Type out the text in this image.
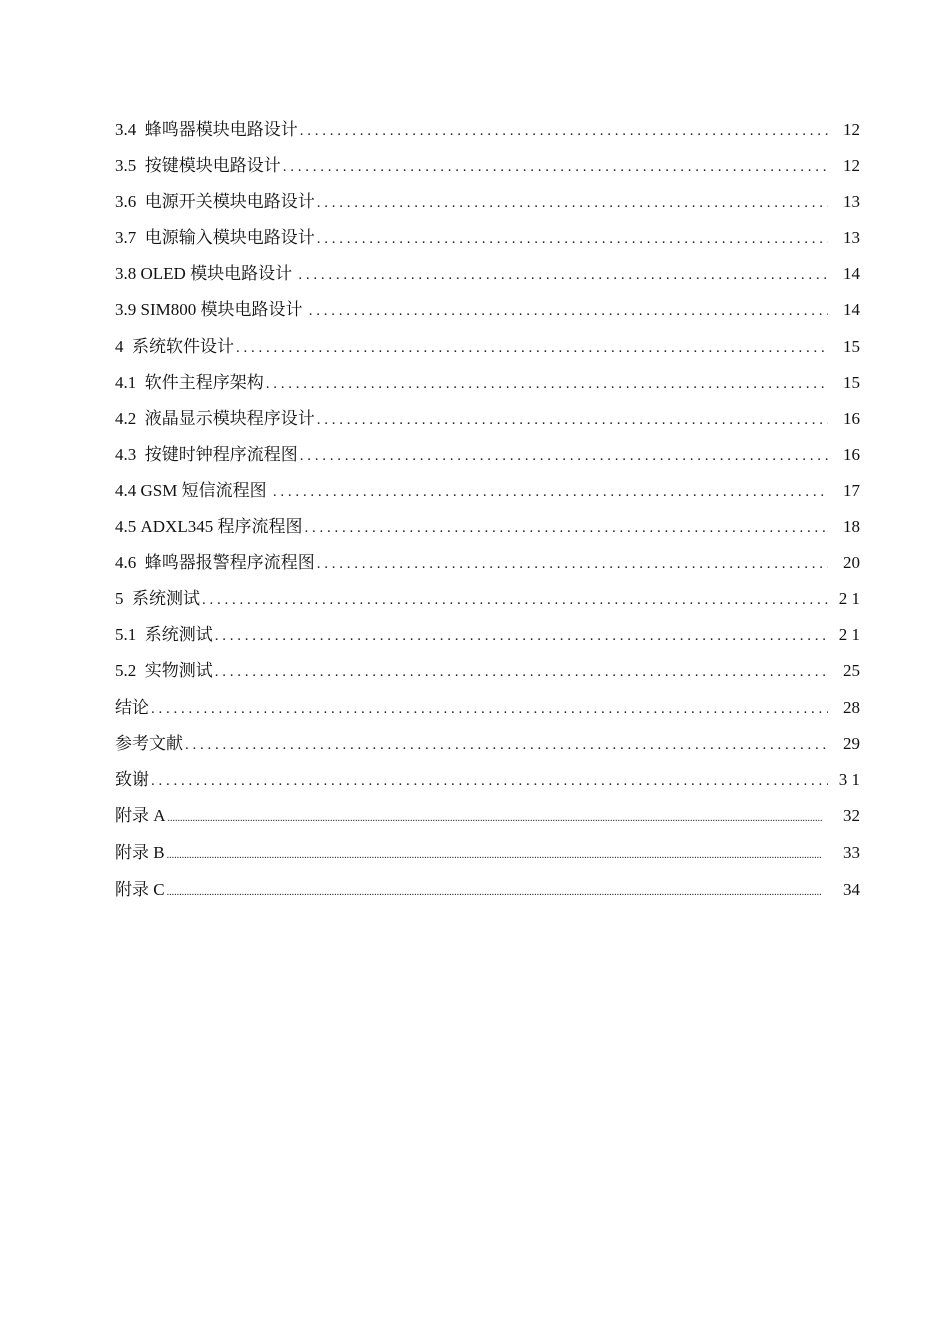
3.4 蜂鸣器模块电路设计 . . .	12
3.5 按键模块电路设计 . . .	12
3.6 电源开关模块电路设计 . . .	13
3.7 电源输入模块电路设计 . . .	13
3.8 OLED 模块电路设计 . . .	14
3.9 SIM800 模块电路设计 . . .	14
4 系统软件设计 . . .	15
4.1 软件主程序架构 . . .	15
4.2 液晶显示模块程序设计 . . .	16
4.3 按键时钟程序流程图 . . .	16
4.4 GSM 短信流程图 . . .	17
4.5 ADXL345 程序流程图 . . .	18
4.6 蜂鸣器报警程序流程图 . . .	20
5 系统测试 . . .	2 1
5.1 系统测试 . . .	2 1
5.2 实物测试 . . .	25
结论 . . .	28
参考文献 . . .	29
致谢 . . .	3 1
附录 A .....	32
附录 B .....	33
附录 C .....	34
